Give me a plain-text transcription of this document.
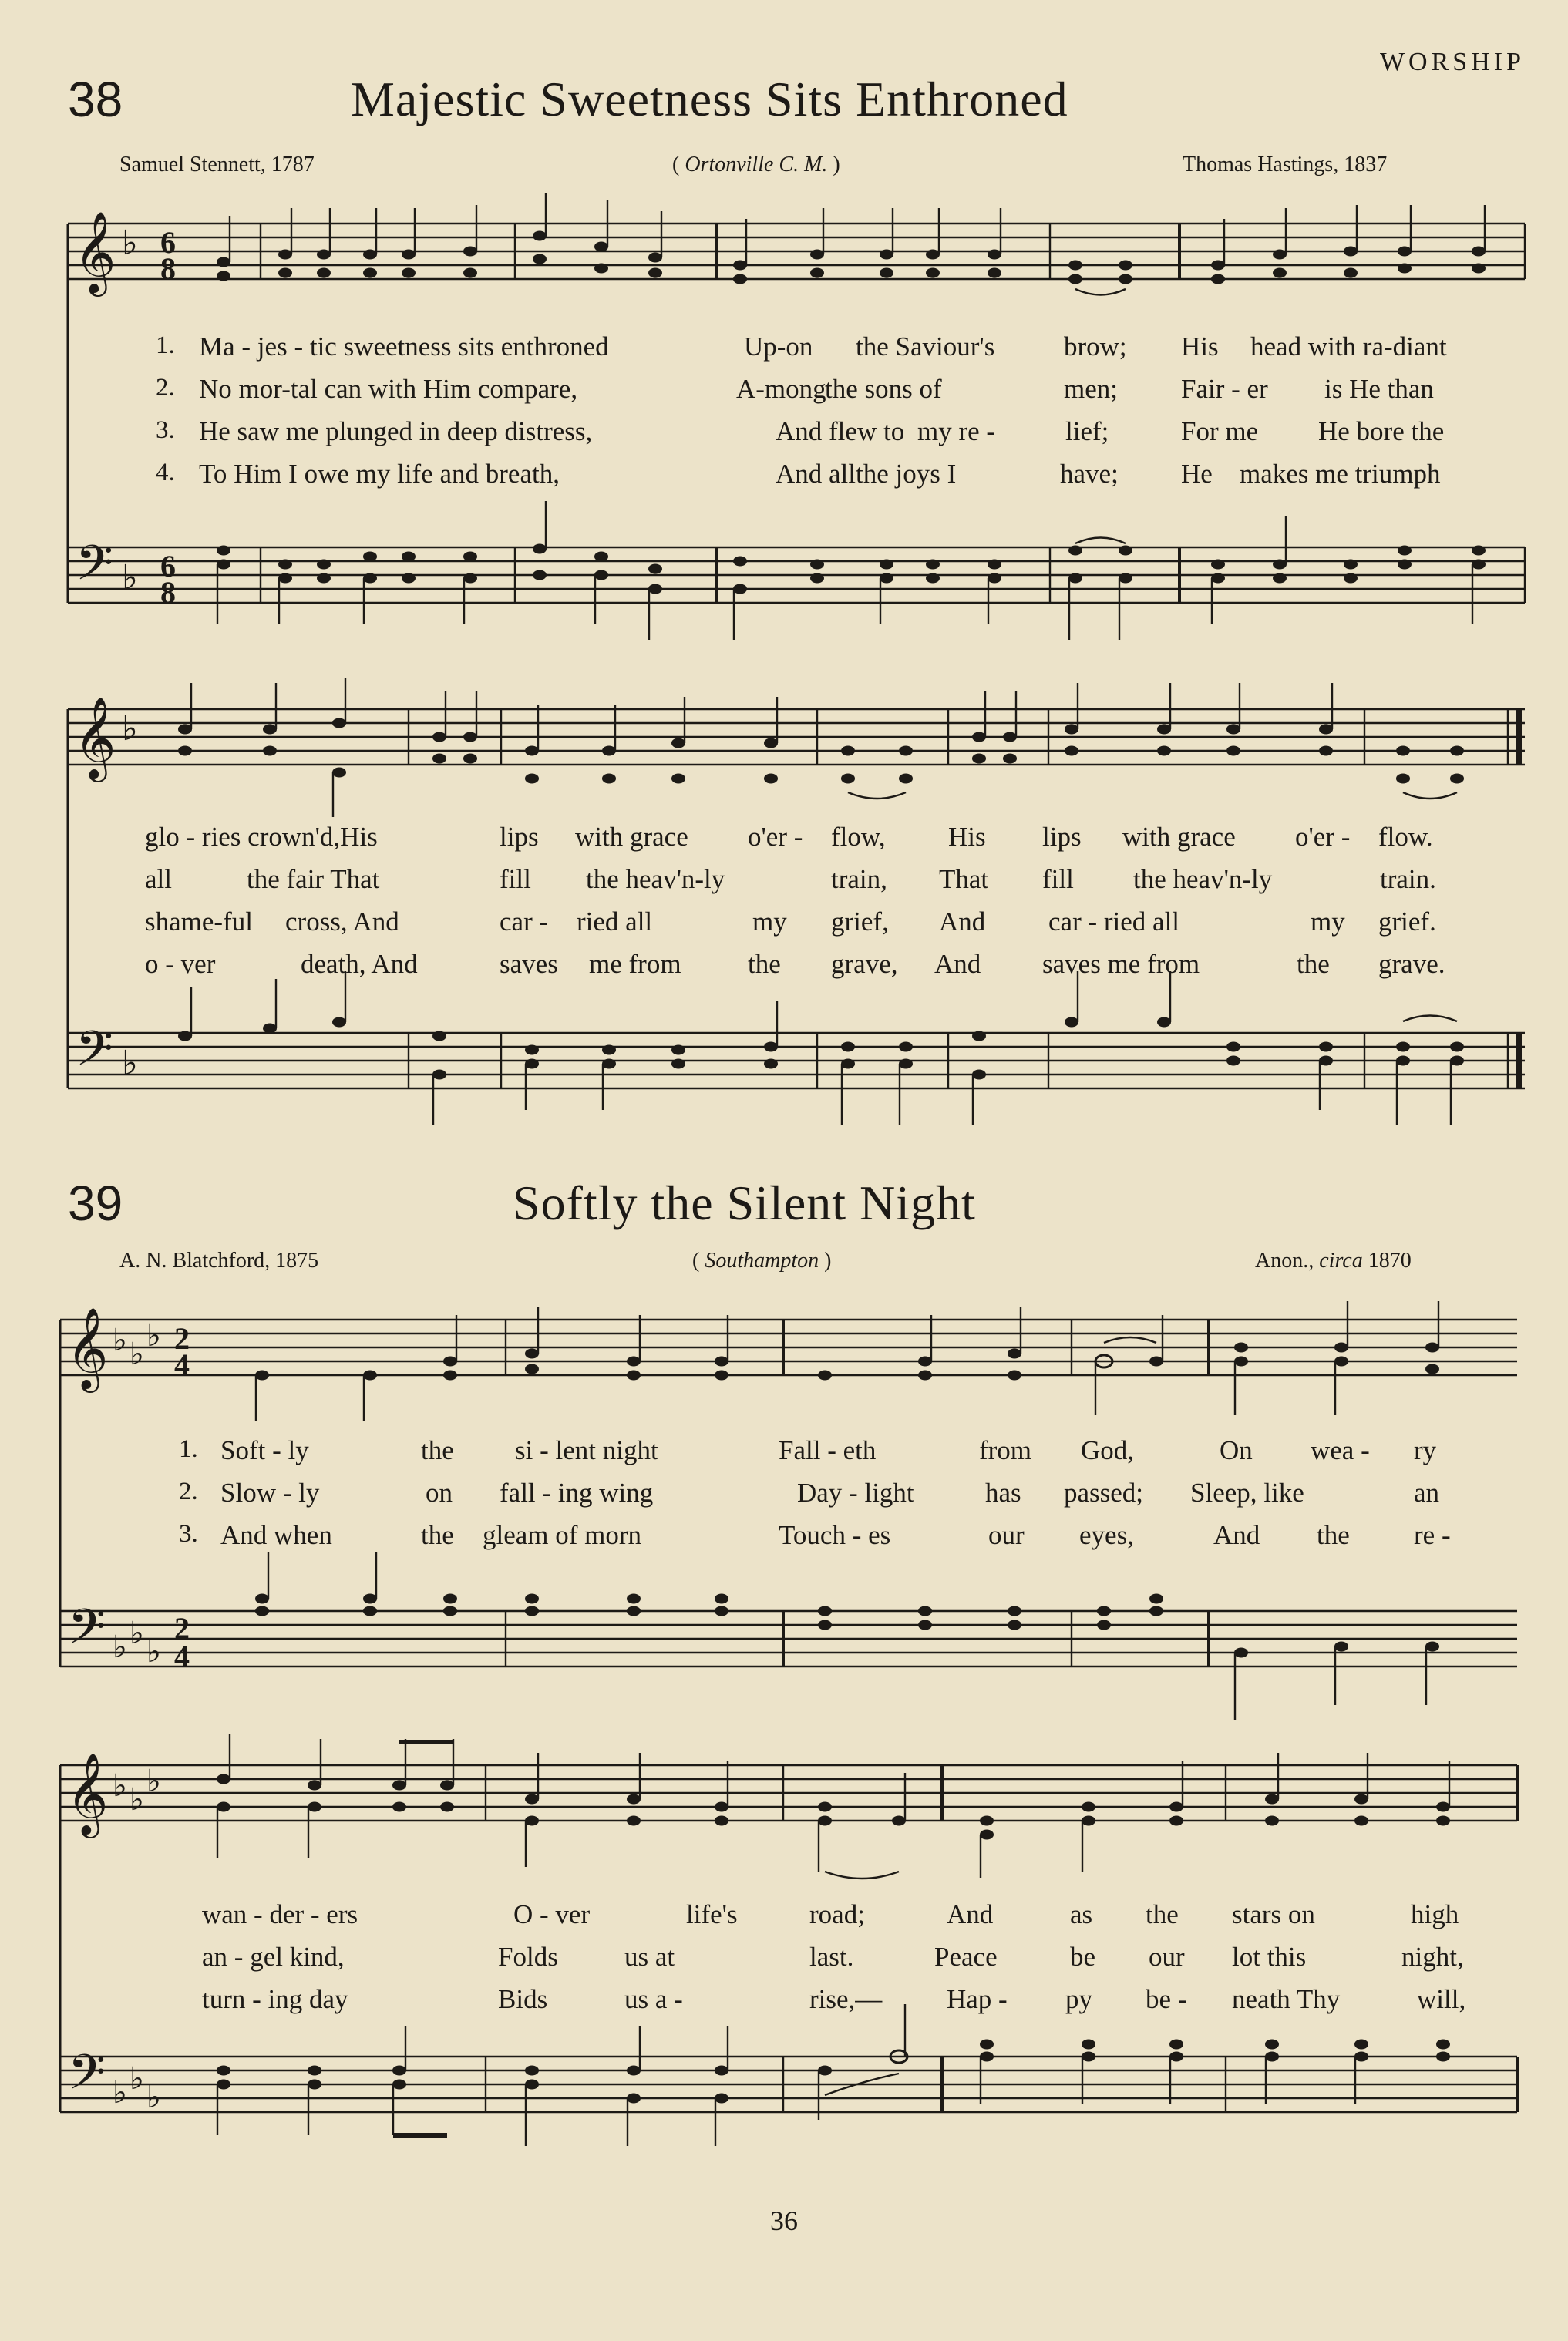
WORSHIP
38	Majestic Sweetness Sits Enthroned
Samuel Stennett, 1787	( Ortonville C. M. )	Thomas Hastings, 1837
𝄞 ♭ 6
8
𝄢 ♭ 6
8
1. Ma - jes - tic sweetness sits enthroned	Up-on the Saviour's	brow; His head with ra-diant
2. No mor-tal can with Him compare,	A-mong
the sons of	men; Fair - er is He than
3. He saw me plunged in deep distress,	And flew to my re -	lief;	For me He bore the
4. To Him I owe my life and breath,	And all the joys I	have; He makes me triumph
𝄞 ♭
𝄢 ♭
glo - ries crown'd,His	lips with grace o'er - flow, His lips with grace o'er - flow.
all	the fair That	fill the heav'n-ly	train, That fill the heav'n-ly	train.
shame-ful cross, And	car - ried all	my grief, And car - ried all	my grief.
o - ver	death, And	saves me from the grave, And saves me from	the grave.
39	Softly the Silent Night
A. N. Blatchford, 1875	( Southampton )	Anon., circa 1870
𝄞 ♭ ♭
♭ 2
4
𝄢 ♭ ♭
♭
2
4
1. Soft - ly	the si - lent night	Fall - eth	from God,	On wea - ry
2. Slow - ly	on fall - ing wing	Day - light	has passed; Sleep, like	an
3. And when	the gleam of morn	Touch - es	our eyes,	And the re -
𝄞 ♭ ♭
♭
𝄢 ♭ ♭
♭
wan - der - ers	O - ver	life's	road;	And	as the stars on	high
an - gel kind,	Folds us at	last.	Peace	be our lot this	night,
turn - ing day	Bids	us a -	rise,— Hap - py be - neath Thy	will,
36
